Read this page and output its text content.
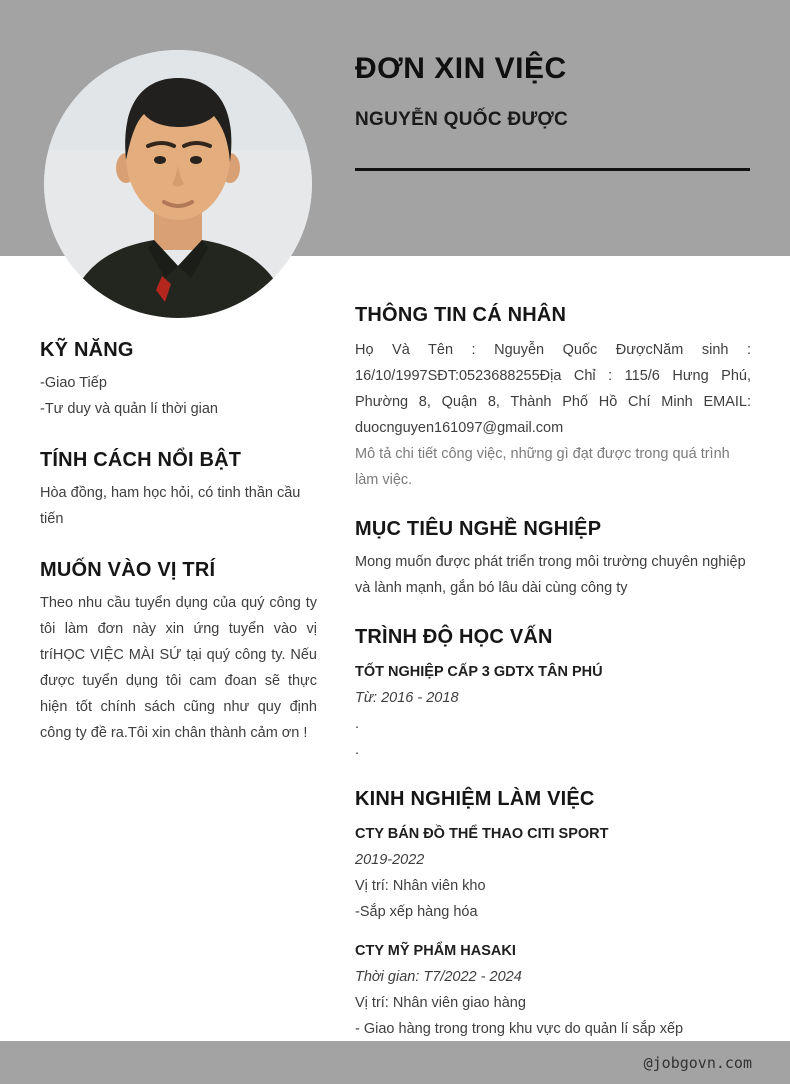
ĐƠN XIN VIỆC
NGUYỄN QUỐC ĐƯỢC
KỸ NĂNG
-Giao Tiếp
-Tư duy và quản lí thời gian
TÍNH CÁCH NỔI BẬT
Hòa đồng, ham học hỏi, có tinh thần cầu tiến
MUỐN VÀO VỊ TRÍ
Theo nhu cầu tuyển dụng của quý công ty tôi làm đơn này xin ứng tuyển vào vị tríHỌC VIỆC MÀI SỨ tại quý công ty. Nếu được tuyển dụng tôi cam đoan sẽ thực hiện tốt chính sách cũng như quy định công ty đề ra.Tôi xin chân thành cảm ơn !
THÔNG TIN CÁ NHÂN
Họ Và Tên : Nguyễn Quốc ĐượcNăm sinh : 16/10/1997SĐT:0523688255Địa Chỉ : 115/6 Hưng Phú, Phường 8, Quận 8, Thành Phố Hồ Chí Minh EMAIL: duocnguyen161097@gmail.com
Mô tả chi tiết công việc, những gì đạt được trong quá trình làm việc.
MỤC TIÊU NGHỀ NGHIỆP
Mong muốn được phát triển trong môi trường chuyên nghiệp và lành mạnh, gắn bó lâu dài cùng công ty
TRÌNH ĐỘ HỌC VẤN
TỐT NGHIỆP CẤP 3 GDTX TÂN PHÚ
Từ: 2016 - 2018
.
.
KINH NGHIỆM LÀM VIỆC
CTY BÁN ĐỒ THỂ THAO CITI SPORT
2019-2022
Vị trí: Nhân viên kho
-Sắp xếp hàng hóa
CTY MỸ PHẨM HASAKI
Thời gian: T7/2022 - 2024
Vị trí: Nhân viên giao hàng
- Giao hàng trong trong khu vực do quản lí sắp xếp
@jobgovn.com
